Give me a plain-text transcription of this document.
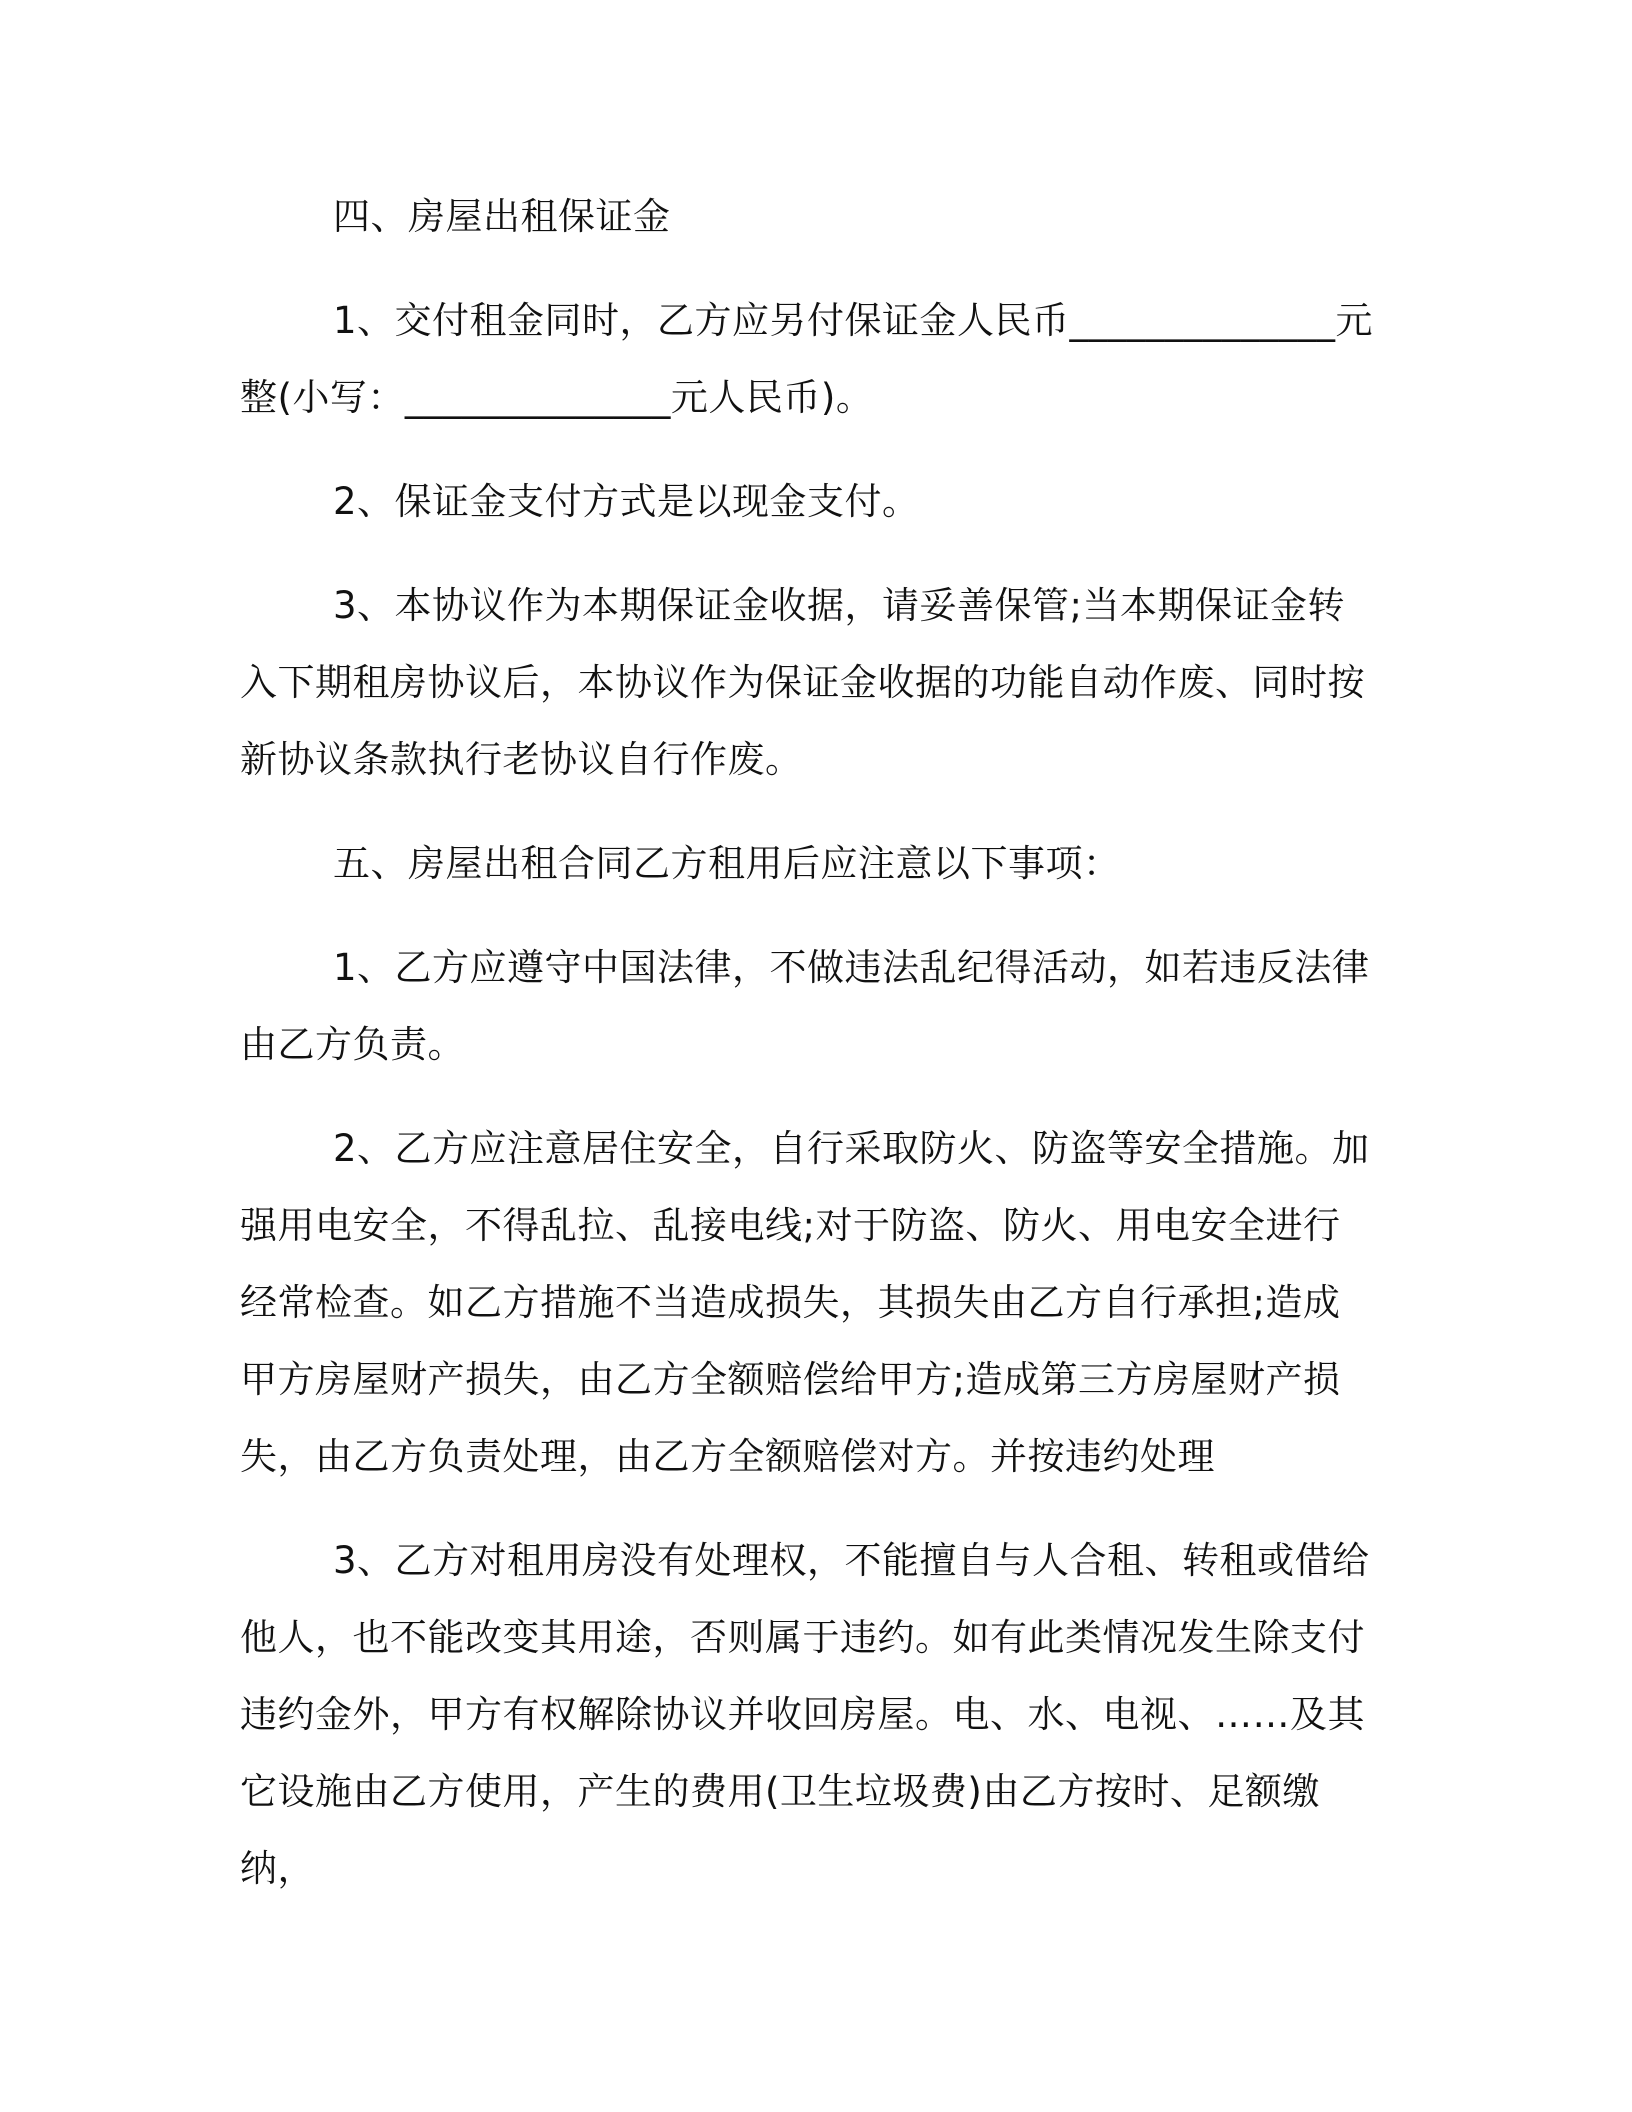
四、房屋出租保证金

1、交付租金同时，乙方应另付保证金人民币______________元整(小写：______________元人民币)。

2、保证金支付方式是以现金支付。

3、本协议作为本期保证金收据，请妥善保管;当本期保证金转入下期租房协议后，本协议作为保证金收据的功能自动作废、同时按新协议条款执行老协议自行作废。

五、房屋出租合同乙方租用后应注意以下事项：

1、乙方应遵守中国法律，不做违法乱纪得活动，如若违反法律由乙方负责。

2、乙方应注意居住安全，自行采取防火、防盗等安全措施。加强用电安全，不得乱拉、乱接电线;对于防盗、防火、用电安全进行经常检查。如乙方措施不当造成损失，其损失由乙方自行承担;造成甲方房屋财产损失，由乙方全额赔偿给甲方;造成第三方房屋财产损失，由乙方负责处理，由乙方全额赔偿对方。并按违约处理

3、乙方对租用房没有处理权，不能擅自与人合租、转租或借给他人，也不能改变其用途，否则属于违约。如有此类情况发生除支付违约金外，甲方有权解除协议并收回房屋。电、水、电视、……及其它设施由乙方使用，产生的费用(卫生垃圾费)由乙方按时、足额缴纳，
